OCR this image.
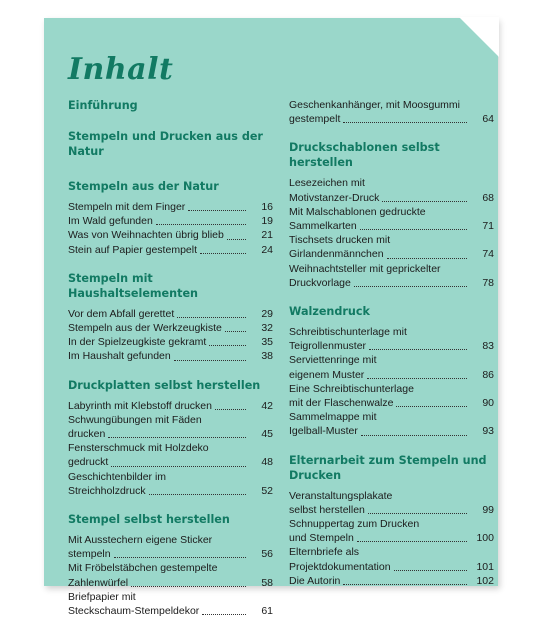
Inhalt
Einführung
Stempeln und Drucken aus der Natur
Stempeln aus der Natur
Stempeln mit dem Finger	16
Im Wald gefunden	19
Was von Weihnachten übrig blieb	21
Stein auf Papier gestempelt	24
Stempeln mit Haushaltselementen
Vor dem Abfall gerettet	29
Stempeln aus der Werkzeugkiste	32
In der Spielzeugkiste gekramt	35
Im Haushalt gefunden	38
Druckplatten selbst herstellen
Labyrinth mit Klebstoff drucken	42
Schwungübungen mit Fäden
drucken	45
Fensterschmuck mit Holzdeko
gedruckt	48
Geschichtenbilder im
Streichholzdruck	52
Stempel selbst herstellen
Mit Ausstechern eigene Sticker
stempeln	56
Mit Fröbelstäbchen gestempelte
Zahlenwürfel	58
Briefpapier mit
Steckschaum-Stempeldekor	61
Geschenkanhänger, mit Moosgummi
gestempelt	64
Druckschablonen selbst herstellen
Lesezeichen mit
Motivstanzer-Druck	68
Mit Malschablonen gedruckte
Sammelkarten	71
Tischsets drucken mit
Girlandenmännchen	74
Weihnachtsteller mit geprickelter
Druckvorlage	78
Walzendruck
Schreibtischunterlage mit
Teigrollenmuster	83
Serviettenringe mit
eigenem Muster	86
Eine Schreibtischunterlage
mit der Flaschenwalze	90
Sammelmappe mit
Igelball-Muster	93
Elternarbeit zum Stempeln und Drucken
Veranstaltungsplakate
selbst herstellen	99
Schnuppertag zum Drucken
und Stempeln	100
Elternbriefe als
Projektdokumentation	101
Die Autorin	102
